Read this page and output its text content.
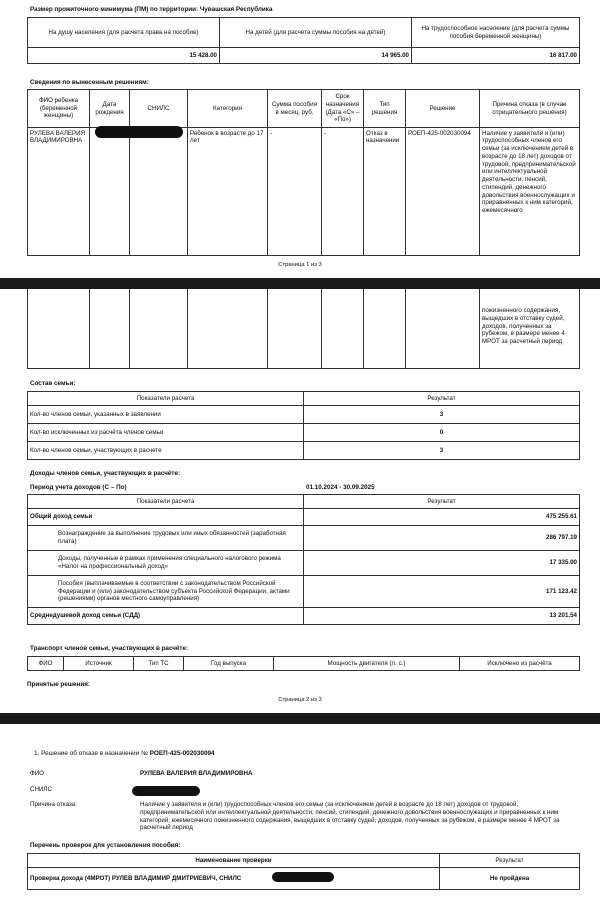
Размер прожиточного минимума (ПМ) по территории: Чувашская Республика
На душу населения (для расчета права на пособие)	На детей (для расчета суммы пособия на детей)	На трудоспособное население (для расчета суммы пособия беременной женщины)
15 428.00	14 965.00	16 817.00
Сведения по вынесенным решениям:
ФИО ребенка (беременной женщины)	Дата рождения	СНИЛС	Категория	Сумма пособия в месяц, руб.	Срок назначения (Дата «С» – «По»)	Тип решения	Решение	Причина отказа (в случае отрицательного решения)
РУЛЕВА ВАЛЕРИЯ ВЛАДИМИРОВНА			Ребенок в возрасте до 17 лет	-	-	Отказ в назначении	РОЕП-425-002030094	Наличие у заявителя и (или) трудоспособных членов его семьи (за исключением детей в возрасте до 18 лет) доходов от трудовой, предпринимательской или интеллектуальной деятельности, пенсий, стипендий, денежного довольствия военнослужащих и приравненных к ним категорий, ежемесячного
Страница 1 из 3
								пожизненного содержания, выщедших в отставку судей, доходов, полученных за рубежом, в размере менее 4 МРОТ за расчетный период
Состав семьи:
Показатели расчета	Результат
Кол-во членов семьи, указанных в заявлении	3
Кол-во исключенных из расчёта членов семьи	0
Кол-во членов семьи, участвующих в расчете	3
Доходы членов семьи, участвующих в расчёте:
Период учета доходов (С – По)	01.10.2024 - 30.09.2025
Показатели расчета	Результат
Общий доход семьи	475 255.61
Вознаграждение за выполнение трудовых или иных обязанностей (заработная плата)	286 797.19
Доходы, полученные в рамках применения специального налогового режима «Налог на профессиональный доход»	17 335.00
Пособия (выплачиваемые в соответствии с законодательством Российской Федерации и (или) законодательством субъекта Российской Федерации, актами (решениями) органов местного самоуправления)	171 123.42
Среднедушевой доход семьи (СДД)	13 201.54
Транспорт членов семьи, участвующих в расчёте:
ФИО	Источник	Тип ТС	Год выпуска	Мощность двигателя (л. с.)	Исключено из расчёта
Принятые решения:
Страница 2 из 3
1. Решение об отказе в назначении № РОЕП-425-002030094
ФИО	РУЛЕВА ВАЛЕРИЯ ВЛАДИМИРОВНА
СНИЛС
Причина отказа:	Наличие у заявителя и (или) трудоспособных членов его семьи (за исключением детей в возрасте до 18 лет) доходов от трудовой, предпринимательской или интеллектуальной деятельности, пенсий, стипендий, денежного довольствия военнослужащих и приравненных к ним категорий, ежемесячного пожизненного содержания, выщедших в отставку судей, доходов, полученных за рубежом, в размере менее 4 МРОТ за расчетный период
Перечень проверок для установления пособия:
Наименование проверки	Результат
Проверка дохода (4МРОТ) РУЛЕВ ВЛАДИМИР ДМИТРИЕВИЧ, СНИЛС	Не пройдена
